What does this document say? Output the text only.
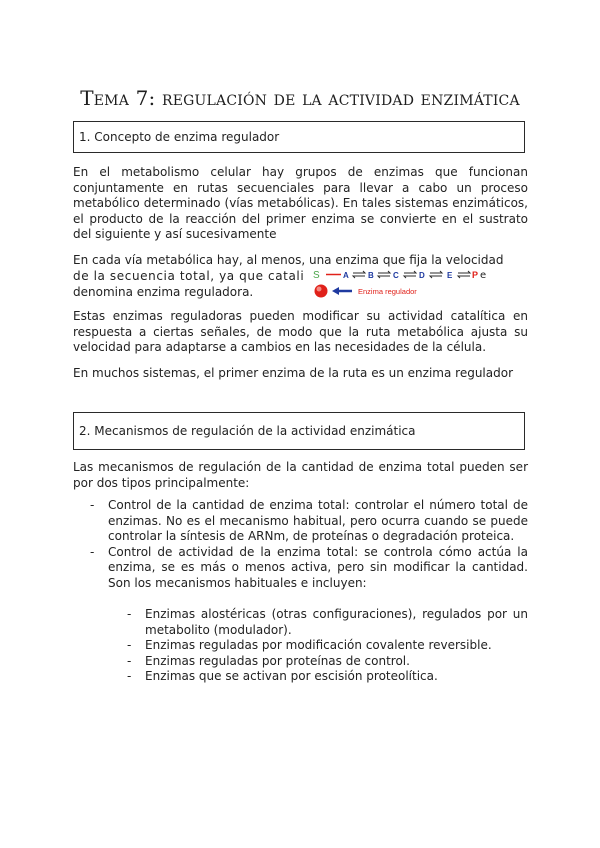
Tema 7: regulación de la actividad enzimática
1. Concepto de enzima regulador

En el metabolismo celular hay grupos de enzimas que funcionan conjuntamente en rutas secuenciales para llevar a cabo un proceso metabólico determinado (vías metabólicas). En tales sistemas enzimáticos, el producto de la reacción del primer enzima se convierte en el sustrato del siguiente y así sucesivamente

En cada vía metabólica hay, al menos, una enzima que fija la velocidad

de la secuencia total, ya que catali

denomina enzima reguladora.

S	A B C	D	E P e
Enzima regulador

Estas enzimas reguladoras pueden modificar su actividad catalítica en respuesta a ciertas señales, de modo que la ruta metabólica ajusta su velocidad para adaptarse a cambios en las necesidades de la célula.

En muchos sistemas, el primer enzima de la ruta es un enzima regulador

2. Mecanismos de regulación de la actividad enzimática

Las mecanismos de regulación de la cantidad de enzima total pueden ser por dos tipos principalmente:

- Control de la cantidad de enzima total: controlar el número total de enzimas. No es el mecanismo habitual, pero ocurra cuando se puede controlar la síntesis de ARNm, de proteínas o degradación proteica.
- Control de actividad de la enzima total: se controla cómo actúa la enzima, se es más o menos activa, pero sin modificar la cantidad. Son los mecanismos habituales e incluyen:
- Enzimas alostéricas (otras configuraciones), regulados por un metabolito (modulador).
- Enzimas reguladas por modificación covalente reversible.
- Enzimas reguladas por proteínas de control.
- Enzimas que se activan por escisión proteolítica.
